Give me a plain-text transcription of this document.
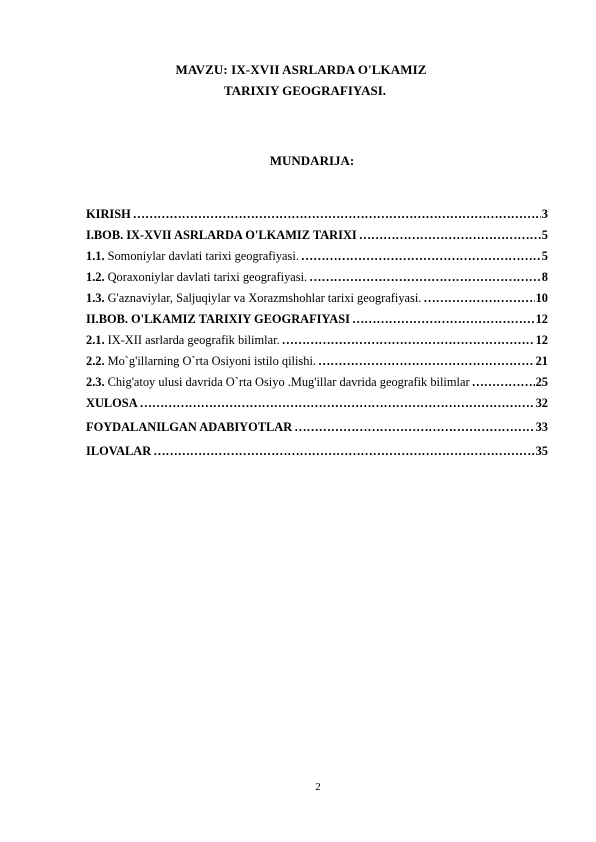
MAVZU: IX-XVII ASRLARDA O'LKAMIZ
TARIXIY GEOGRAFIYASI.
MUNDARIJA:
KIRISH ……………………………………………………………………………………………………………………………………………………	3
I.BOB. IX-XVII ASRLARDA O'LKAMIZ TARIXI ……………………………………………………………………………………………………………………………………………………	5
1.1. Somoniylar davlati tarixi geografiyasi. ……………………………………………………………………………………………………………………………………………………	5
1.2. Qoraxoniylar davlati tarixi geografiyasi. ……………………………………………………………………………………………………………………………………………………	8
1.3. G'aznaviylar, Saljuqiylar va Xorazmshohlar tarixi geografiyasi. ……………………………………………………………………………………………………………………………………………………	10
II.BOB. O'LKAMIZ TARIXIY GEOGRAFIYASI ……………………………………………………………………………………………………………………………………………………	12
2.1. IX-XII asrlarda geografik bilimlar. ……………………………………………………………………………………………………………………………………………………	12
2.2. Mo`g'illarning O`rta Osiyoni istilo qilishi. ……………………………………………………………………………………………………………………………………………………	21
2.3. Chig'atoy ulusi davrida O`rta Osiyo .Mug'illar davrida geografik bilimlar ……………………………………………………………………………………………………………………………………………………	25
XULOSA ……………………………………………………………………………………………………………………………………………………	32
FOYDALANILGAN ADABIYOTLAR ……………………………………………………………………………………………………………………………………………………	33
ILOVALAR ……………………………………………………………………………………………………………………………………………………	35
2
